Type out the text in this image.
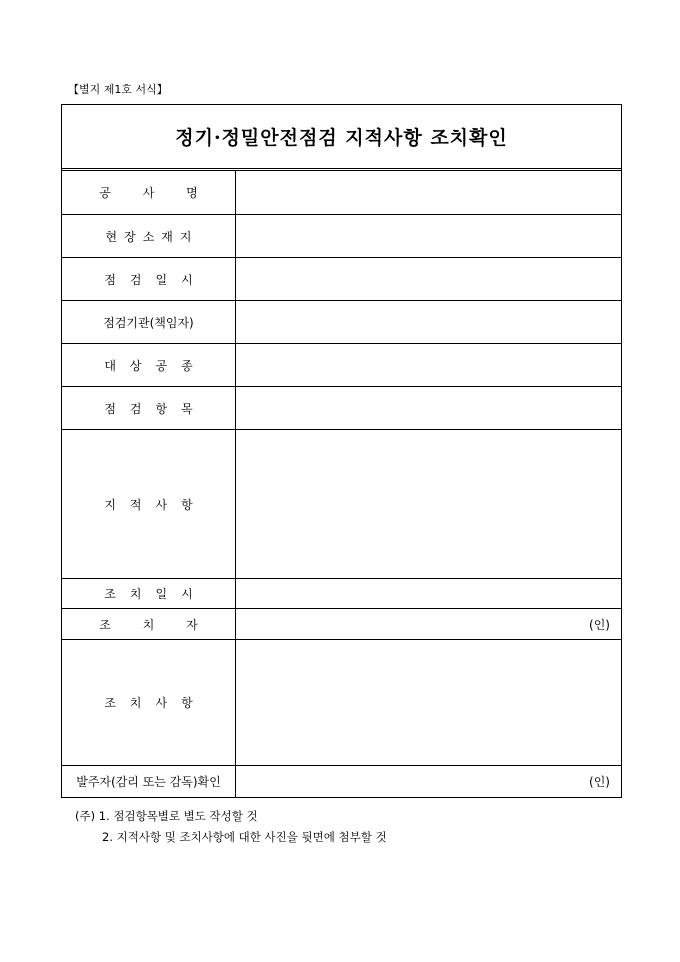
【별지 제1호 서식】
정기·정밀안전점검 지적사항 조치확인
공 사 명
현장소재지
점검일시
점검기관(책임자)
대상공종
점검항목
지적사항
조치일시
조 치 자	(인)
조치사항
발주자(감리 또는 감독)확인	(인)
(주) 1. 점검항목별로 별도 작성할 것
2. 지적사항 및 조치사항에 대한 사진을 뒷면에 첨부할 것
